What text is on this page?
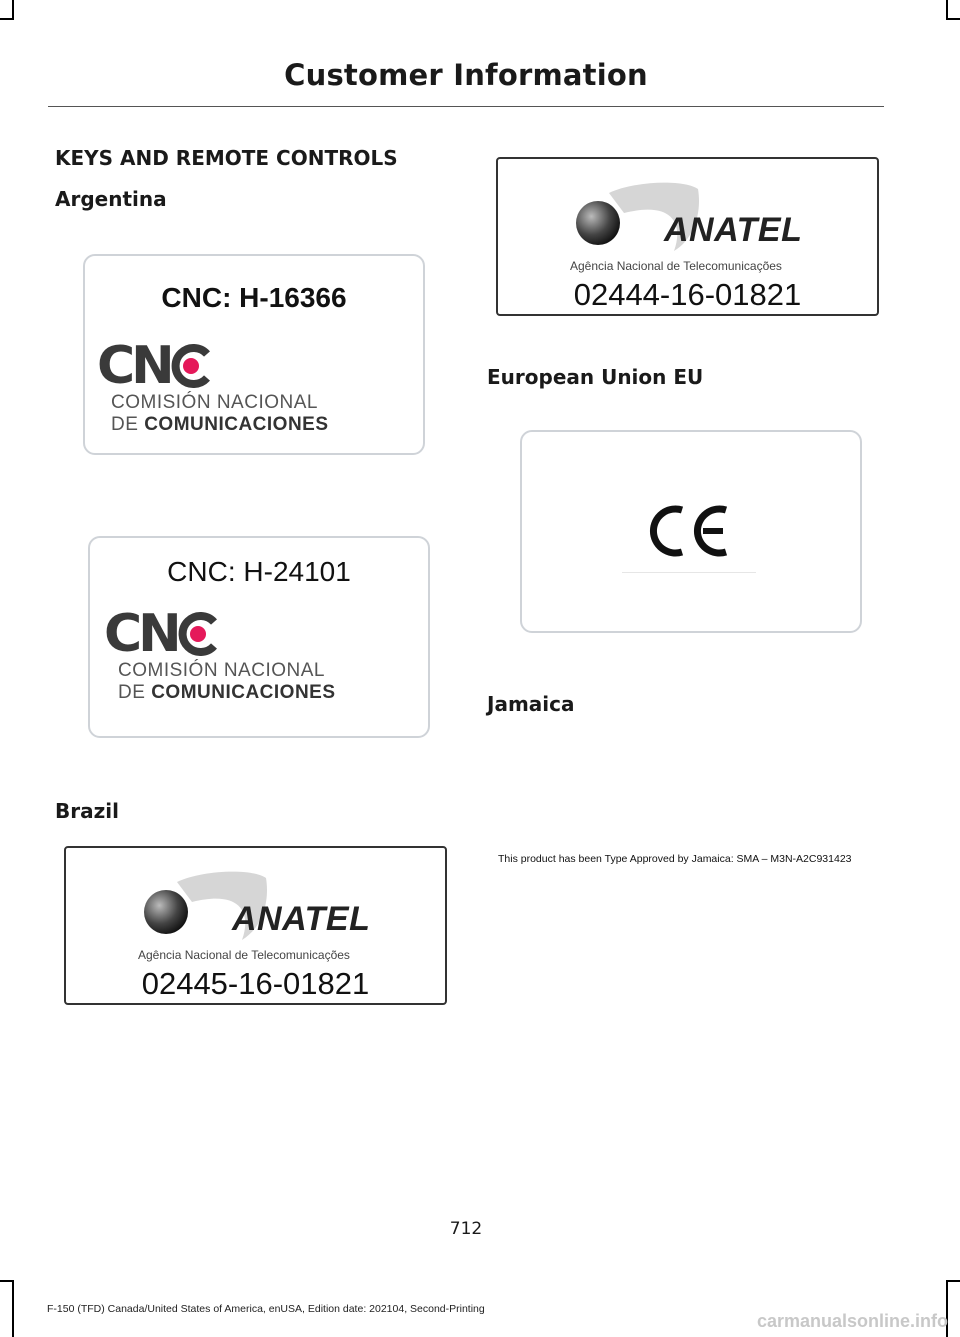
Customer Information
KEYS AND REMOTE CONTROLS
Argentina
CNC: H-16366
CNCOMISIÓN NACIONAL
DE COMUNICACIONES
CNC: H-24101
CNCOMISIÓN NACIONAL
DE COMUNICACIONES
Brazil
ANATEL
Agência Nacional de Telecomunicações
02445-16-01821
ANATEL
Agência Nacional de Telecomunicações
02444-16-01821
European Union EU
Jamaica
This product has been Type Approved by Jamaica: SMA – M3N-A2C931423
712
F-150 (TFD) Canada/United States of America, enUSA, Edition date: 202104, Second-Printing
carmanualsonline.info
